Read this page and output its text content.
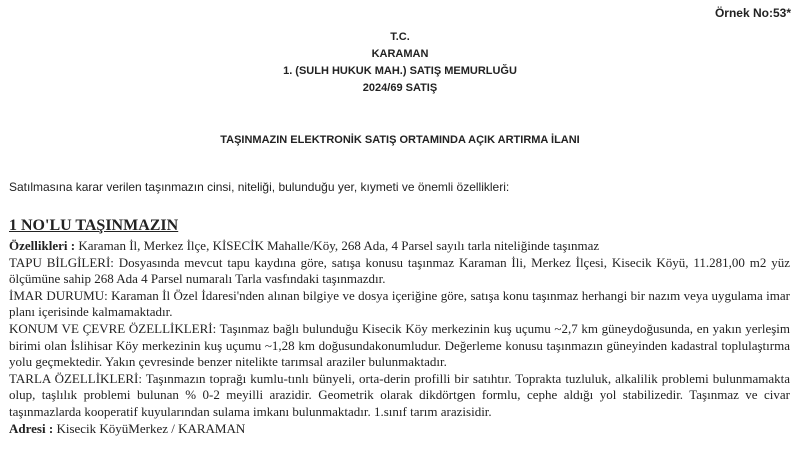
Örnek No:53*
T.C.
KARAMAN
1. (SULH HUKUK MAH.) SATIŞ MEMURLUĞU
2024/69 SATIŞ
TAŞINMAZIN ELEKTRONİK SATIŞ ORTAMINDA AÇIK ARTIRMA İLANI
Satılmasına karar verilen taşınmazın cinsi, niteliği, bulunduğu yer, kıymeti ve önemli özellikleri:
1 NO'LU TAŞINMAZIN
Özellikleri : Karaman İl, Merkez İlçe, KİSECİK Mahalle/Köy, 268 Ada, 4 Parsel sayılı tarla niteliğinde taşınmaz
TAPU BİLGİLERİ: Dosyasında mevcut tapu kaydına göre, satışa konusu taşınmaz Karaman İli, Merkez İlçesi, Kisecik Köyü, 11.281,00 m2 yüz ölçümüne sahip 268 Ada 4 Parsel numaralı Tarla vasfındaki taşınmazdır.
İMAR DURUMU: Karaman İl Özel İdaresi'nden alınan bilgiye ve dosya içeriğine göre, satışa konu taşınmaz herhangi bir nazım veya uygulama imar planı içerisinde kalmamaktadır.
KONUM VE ÇEVRE ÖZELLİKLERİ: Taşınmaz bağlı bulunduğu Kisecik Köy merkezinin kuş uçumu ~2,7 km güneydoğusunda, en yakın yerleşim birimi olan İslihisar Köy merkezinin kuş uçumu ~1,28 km doğusundakonumludur. Değerleme konusu taşınmazın güneyinden kadastral toplulaştırma yolu geçmektedir. Yakın çevresinde benzer nitelikte tarımsal araziler bulunmaktadır.
TARLA ÖZELLİKLERİ: Taşınmazın toprağı kumlu-tınlı bünyeli, orta-derin profilli bir satıhtır. Toprakta tuzluluk, alkalilik problemi bulunmamakta olup, taşlılık problemi bulunan % 0-2 meyilli arazidir. Geometrik olarak dikdörtgen formlu, cephe aldığı yol stabilizedir. Taşınmaz ve civar taşınmazlarda kooperatif kuyularından sulama imkanı bulunmaktadır. 1.sınıf tarım arazisidir.
Adresi : Kisecik KöyüMerkez / KARAMAN
